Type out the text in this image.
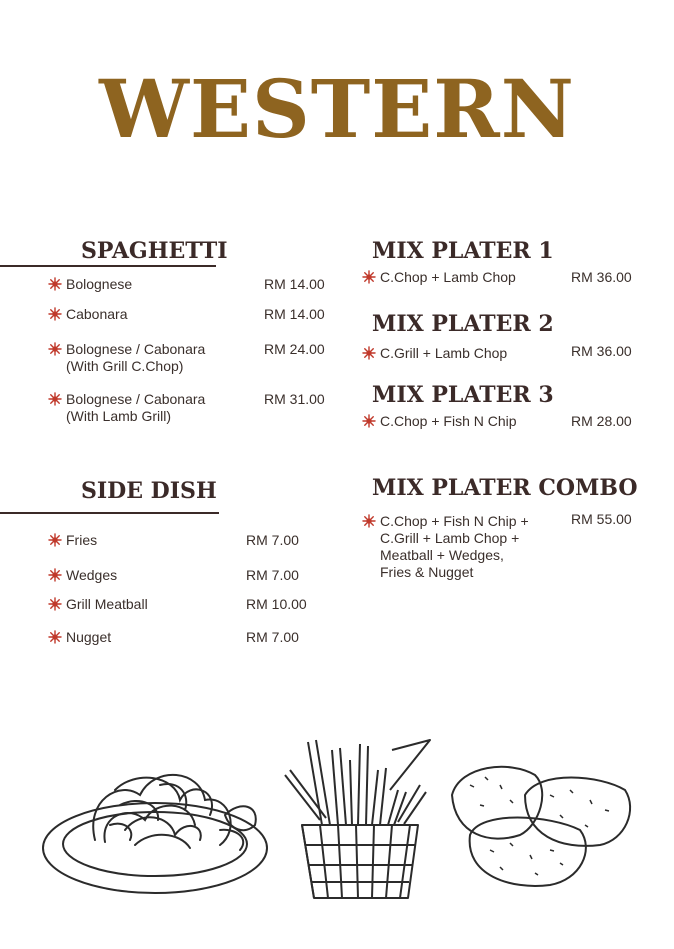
WESTERN
SPAGHETTI
Bolognese	RM 14.00
Cabonara	RM 14.00
Bolognese / Cabonara
(With Grill C.Chop)
RM 24.00
Bolognese / Cabonara
(With Lamb Grill)
RM 31.00
SIDE DISH
Fries	RM 7.00
Wedges	RM 7.00
Grill Meatball	RM 10.00
Nugget	RM 7.00
MIX PLATER 1
C.Chop + Lamb Chop	RM 36.00
MIX PLATER 2
C.Grill + Lamb Chop	RM 36.00
MIX PLATER 3
C.Chop + Fish N Chip	RM 28.00
MIX PLATER COMBO
C.Chop + Fish N Chip +
C.Grill + Lamb Chop +
Meatball + Wedges,
Fries & Nugget
RM 55.00
